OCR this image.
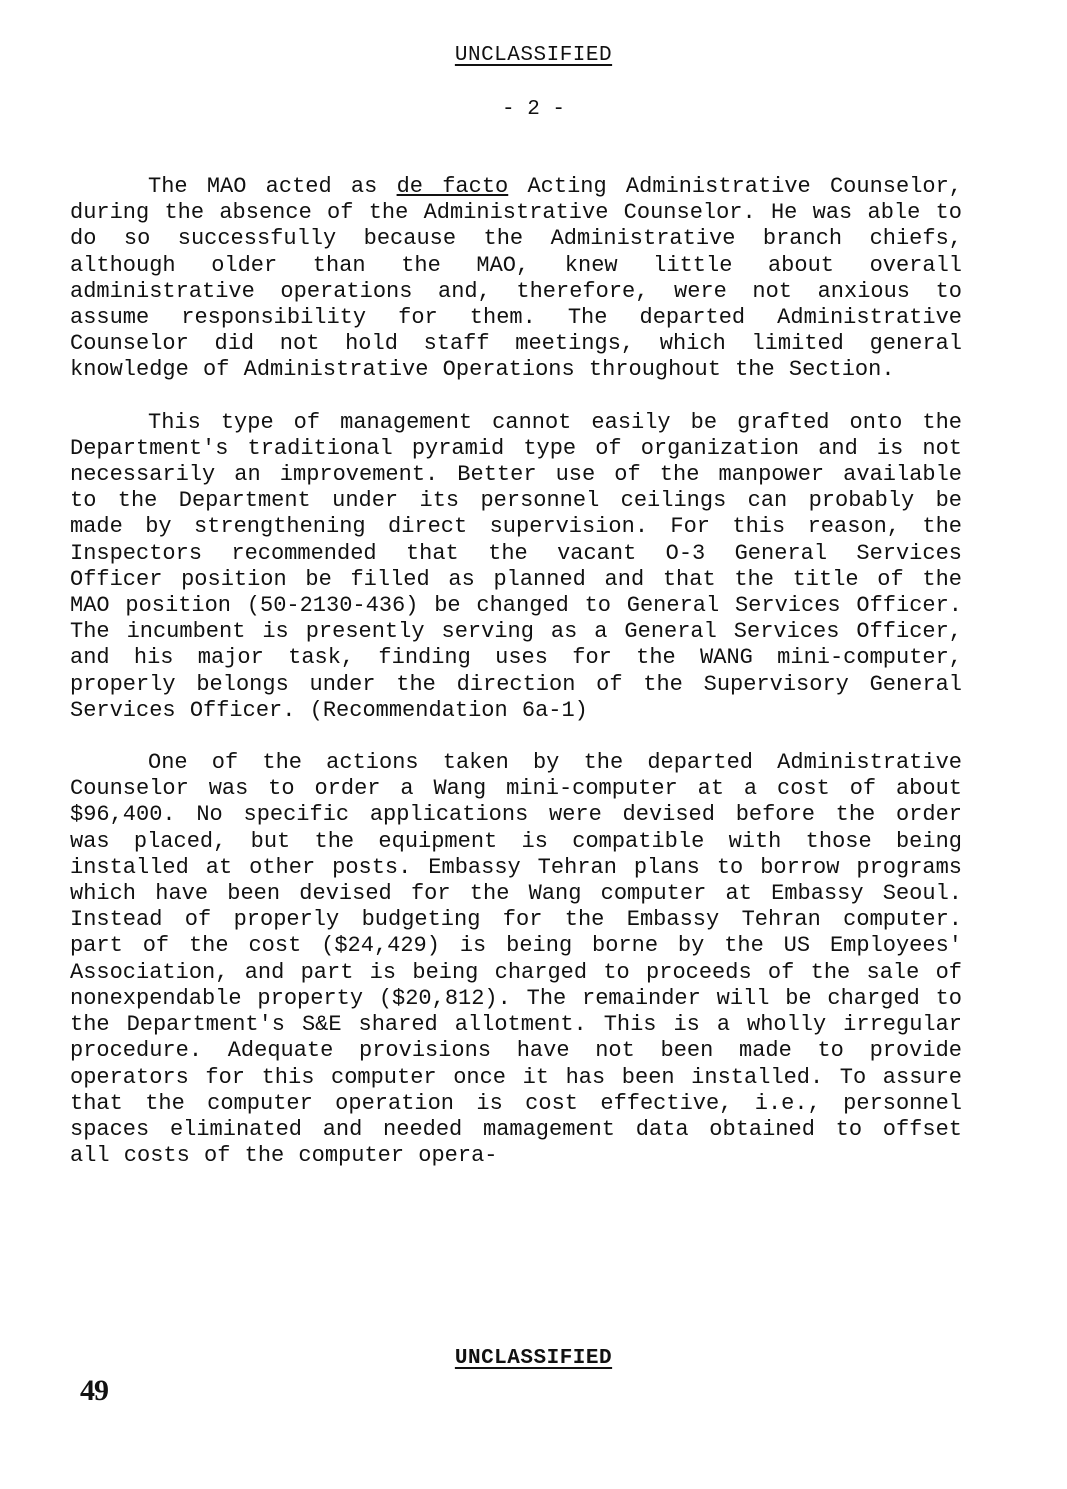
UNCLASSIFIED
- 2 -

The MAO acted as de facto Acting Administrative Counselor, during the absence of the Administrative Counselor. He was able to do so successfully because the Administrative branch chiefs, although older than the MAO, knew little about overall administrative operations and, therefore, were not anxious to assume responsibility for them. The departed Administrative Counselor did not hold staff meetings, which limited general knowledge of Administrative Operations throughout the Section.

This type of management cannot easily be grafted onto the Department's traditional pyramid type of organization and is not necessarily an improvement. Better use of the manpower available to the Department under its personnel ceilings can probably be made by strengthening direct supervision. For this reason, the Inspectors recommended that the vacant O-3 General Services Officer position be filled as planned and that the title of the MAO position (50-2130-436) be changed to General Services Officer. The incumbent is presently serving as a General Services Officer, and his major task, finding uses for the WANG mini-computer, properly belongs under the direction of the Supervisory General Services Officer. (Recommendation 6a-1)

One of the actions taken by the departed Administrative Counselor was to order a Wang mini-computer at a cost of about $96,400. No specific applications were devised before the order was placed, but the equipment is compatible with those being installed at other posts. Embassy Tehran plans to borrow programs which have been devised for the Wang computer at Embassy Seoul. Instead of properly budgeting for the Embassy Tehran computer. part of the cost ($24,429) is being borne by the US Employees' Association, and part is being charged to proceeds of the sale of nonexpendable property ($20,812). The remainder will be charged to the Department's S&E shared allotment. This is a wholly irregular procedure. Adequate provisions have not been made to provide operators for this computer once it has been installed. To assure that the computer operation is cost effective, i.e., personnel spaces eliminated and needed mamagement data obtained to offset all costs of the computer opera-

UNCLASSIFIED
49
